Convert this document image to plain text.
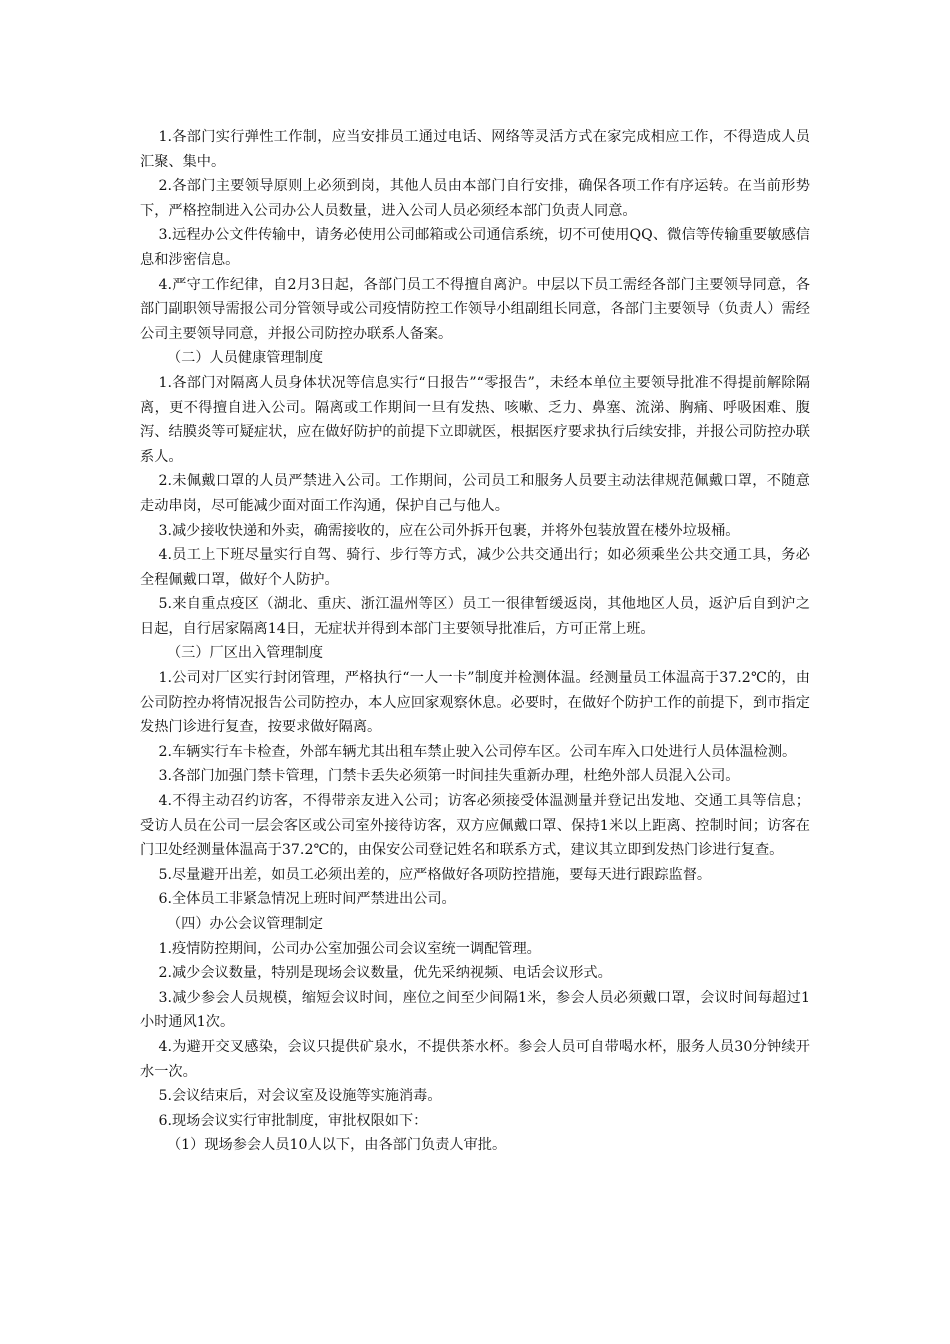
1.各部门实行弹性工作制，应当安排员工通过电话、网络等灵活方式在家完成相应工作，不得造成人员汇聚、集中。

2.各部门主要领导原则上必须到岗，其他人员由本部门自行安排，确保各项工作有序运转。在当前形势下，严格控制进入公司办公人员数量，进入公司人员必须经本部门负责人同意。

3.远程办公文件传输中，请务必使用公司邮箱或公司通信系统，切不可使用QQ、微信等传输重要敏感信息和涉密信息。

4.严守工作纪律，自2月3日起，各部门员工不得擅自离沪。中层以下员工需经各部门主要领导同意，各部门副职领导需报公司分管领导或公司疫情防控工作领导小组副组长同意，各部门主要领导（负责人）需经公司主要领导同意，并报公司防控办联系人备案。

（二）人员健康管理制度

1.各部门对隔离人员身体状况等信息实行“日报告”“零报告”，未经本单位主要领导批准不得提前解除隔离，更不得擅自进入公司。隔离或工作期间一旦有发热、咳嗽、乏力、鼻塞、流涕、胸痛、呼吸困难、腹泻、结膜炎等可疑症状，应在做好防护的前提下立即就医，根据医疗要求执行后续安排，并报公司防控办联系人。

2.未佩戴口罩的人员严禁进入公司。工作期间，公司员工和服务人员要主动法律规范佩戴口罩，不随意走动串岗，尽可能减少面对面工作沟通，保护自己与他人。

3.减少接收快递和外卖，确需接收的，应在公司外拆开包裹，并将外包装放置在楼外垃圾桶。

4.员工上下班尽量实行自驾、骑行、步行等方式，减少公共交通出行；如必须乘坐公共交通工具，务必全程佩戴口罩，做好个人防护。

5.来自重点疫区（湖北、重庆、浙江温州等区）员工一很律暂缓返岗，其他地区人员，返沪后自到沪之日起，自行居家隔离14日，无症状并得到本部门主要领导批准后，方可正常上班。

（三）厂区出入管理制度

1.公司对厂区实行封闭管理，严格执行“一人一卡”制度并检测体温。经测量员工体温高于37.2℃的，由公司防控办将情况报告公司防控办，本人应回家观察休息。必要时，在做好个防护工作的前提下，到市指定发热门诊进行复查，按要求做好隔离。

2.车辆实行车卡检查，外部车辆尤其出租车禁止驶入公司停车区。公司车库入口处进行人员体温检测。

3.各部门加强门禁卡管理，门禁卡丢失必须第一时间挂失重新办理，杜绝外部人员混入公司。

4.不得主动召约访客，不得带亲友进入公司；访客必须接受体温测量并登记出发地、交通工具等信息；受访人员在公司一层会客区或公司室外接待访客，双方应佩戴口罩、保持1米以上距离、控制时间；访客在门卫处经测量体温高于37.2℃的，由保安公司登记姓名和联系方式，建议其立即到发热门诊进行复查。

5.尽量避开出差，如员工必须出差的，应严格做好各项防控措施，要每天进行跟踪监督。

6.全体员工非紧急情况上班时间严禁进出公司。

（四）办公会议管理制定

1.疫情防控期间，公司办公室加强公司会议室统一调配管理。

2.减少会议数量，特别是现场会议数量，优先采纳视频、电话会议形式。

3.减少参会人员规模，缩短会议时间，座位之间至少间隔1米，参会人员必须戴口罩，会议时间每超过1小时通风1次。

4.为避开交叉感染，会议只提供矿泉水，不提供茶水杯。参会人员可自带喝水杯，服务人员30分钟续开水一次。

5.会议结束后，对会议室及设施等实施消毒。

6.现场会议实行审批制度，审批权限如下：

（1）现场参会人员10人以下，由各部门负责人审批。
